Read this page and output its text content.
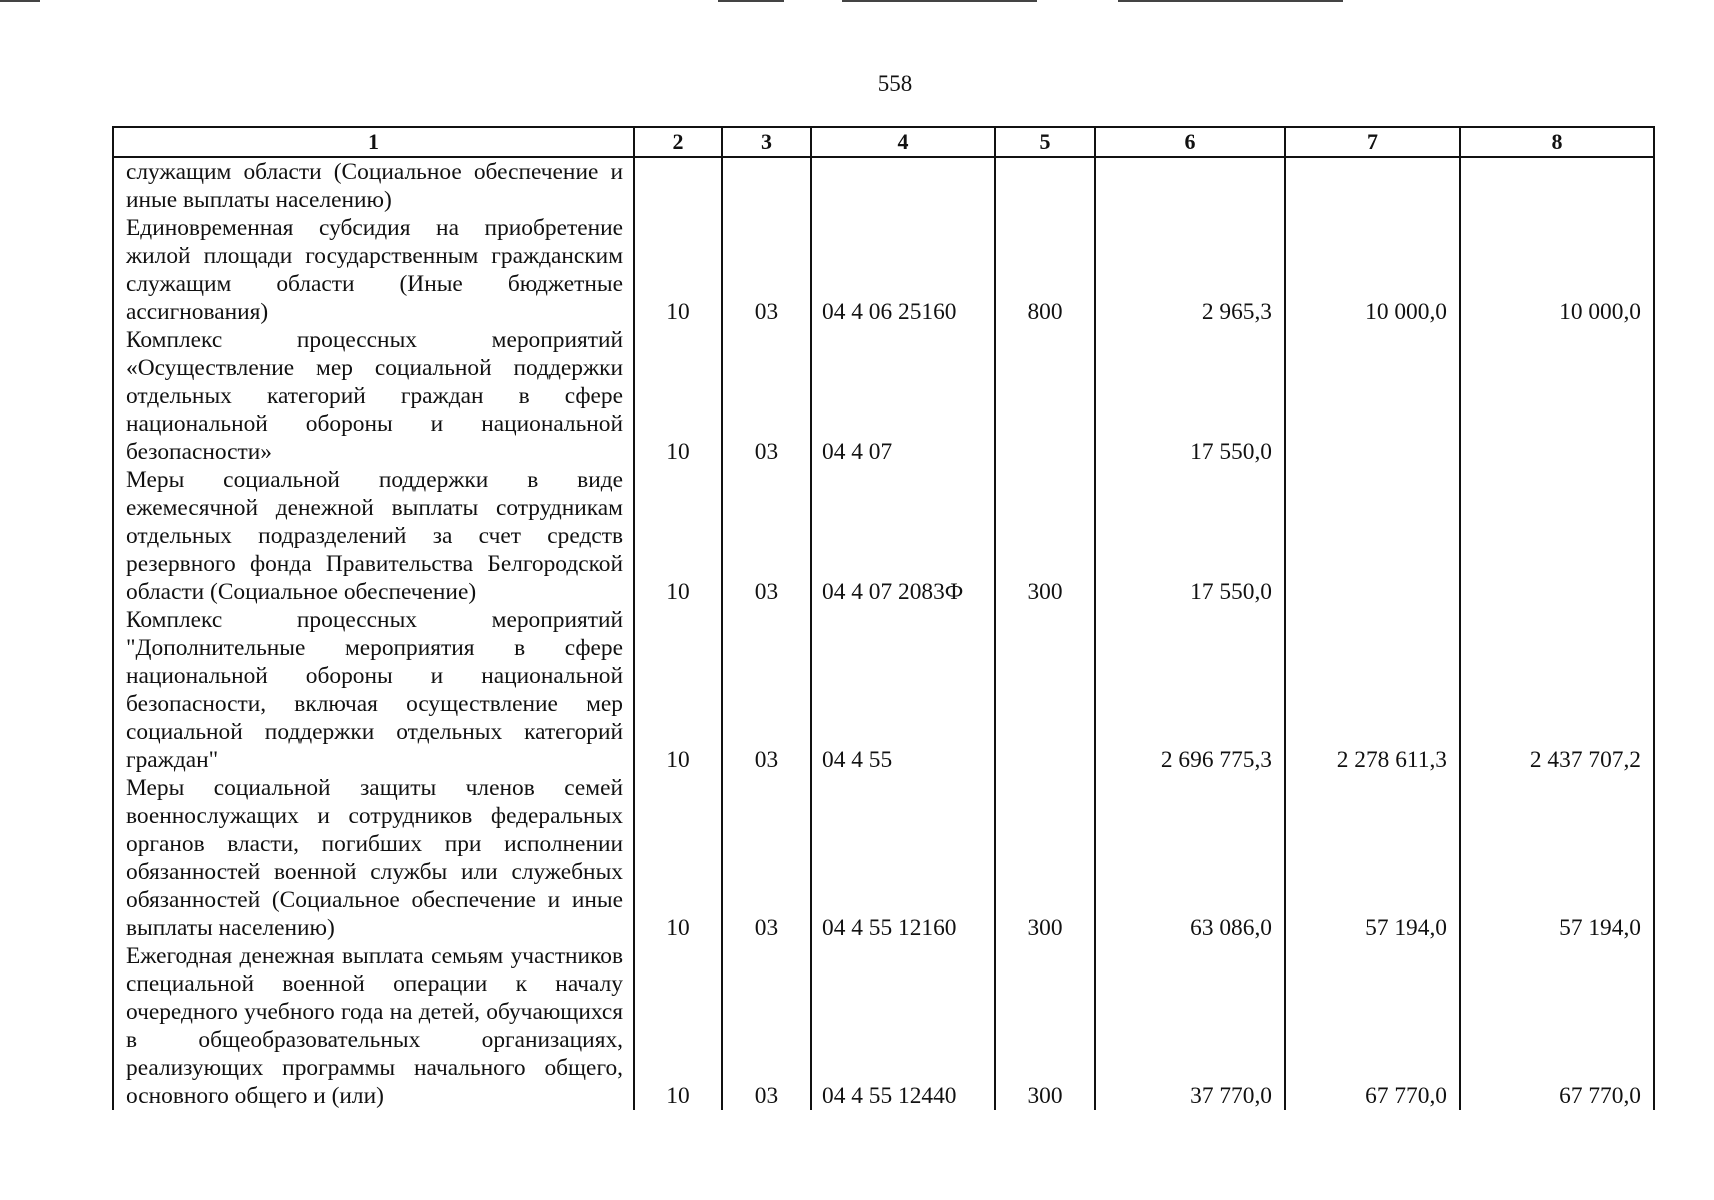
558
1	2	3	4	5	6	7	8
служащим области (Социальное обеспечение и иные выплаты населению)							
Единовременная субсидия на приобретение жилой площади государственным гражданским служащим области (Иные бюджетные ассигнования)	10	03	04 4 06 25160	800	2 965,3	10 000,0	10 000,0
Комплекс процессных мероприятий «Осуществление мер социальной поддержки отдельных категорий граждан в сфере национальной обороны и национальной безопасности»	10	03	04 4 07		17 550,0		
Меры социальной поддержки в виде ежемесячной денежной выплаты сотрудникам отдельных подразделений за счет средств резервного фонда Правительства Белгородской области (Социальное обеспечение)	10	03	04 4 07 2083Ф	300	17 550,0		
Комплекс процессных мероприятий "Дополнительные мероприятия в сфере национальной обороны и национальной безопасности, включая осуществление мер социальной поддержки отдельных категорий граждан"	10	03	04 4 55		2 696 775,3	2 278 611,3	2 437 707,2
Меры социальной защиты членов семей военнослужащих и сотрудников федеральных органов власти, погибших при исполнении обязанностей военной службы или служебных обязанностей (Социальное обеспечение и иные выплаты населению)	10	03	04 4 55 12160	300	63 086,0	57 194,0	57 194,0
Ежегодная денежная выплата семьям участников специальной военной операции к началу очередного учебного года на детей, обучающихся в общеобразовательных организациях, реализующих программы начального общего, основного общего и (или)	10	03	04 4 55 12440	300	37 770,0	67 770,0	67 770,0
